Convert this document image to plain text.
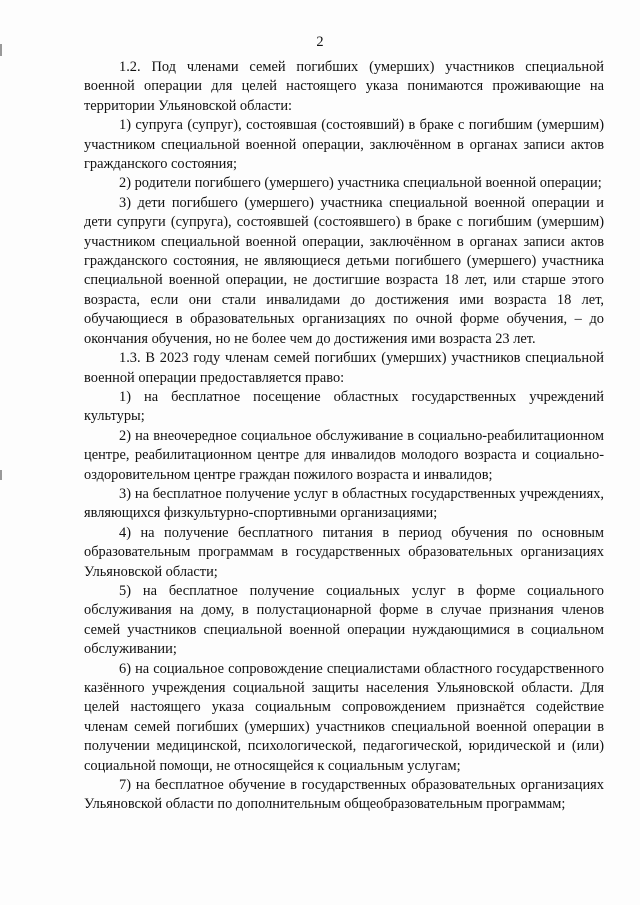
2

1.2. Под членами семей погибших (умерших) участников специальной военной операции для целей настоящего указа понимаются проживающие на территории Ульяновской области:

1) супруга (супруг), состоявшая (состоявший) в браке с погибшим (умершим) участником специальной военной операции, заключённом в органах записи актов гражданского состояния;

2) родители погибшего (умершего) участника специальной военной операции;

3) дети погибшего (умершего) участника специальной военной операции и дети супруги (супруга), состоявшей (состоявшего) в браке с погибшим (умершим) участником специальной военной операции, заключённом в органах записи актов гражданского состояния, не являющиеся детьми погибшего (умершего) участника специальной военной операции, не достигшие возраста 18 лет, или старше этого возраста, если они стали инвалидами до достижения ими возраста 18 лет, обучающиеся в образовательных организациях по очной форме обучения, – до окончания обучения, но не более чем до достижения ими возраста 23 лет.

1.3. В 2023 году членам семей погибших (умерших) участников специальной военной операции предоставляется право:

1) на бесплатное посещение областных государственных учреждений культуры;

2) на внеочередное социальное обслуживание в социально-реабилитационном центре, реабилитационном центре для инвалидов молодого возраста и социально-оздоровительном центре граждан пожилого возраста и инвалидов;

3) на бесплатное получение услуг в областных государственных учреждениях, являющихся физкультурно-спортивными организациями;

4) на получение бесплатного питания в период обучения по основным образовательным программам в государственных образовательных организациях Ульяновской области;

5) на бесплатное получение социальных услуг в форме социального обслуживания на дому, в полустационарной форме в случае признания членов семей участников специальной военной операции нуждающимися в социальном обслуживании;

6) на социальное сопровождение специалистами областного государственного казённого учреждения социальной защиты населения Ульяновской области. Для целей настоящего указа социальным сопровождением признаётся содействие членам семей погибших (умерших) участников специальной военной операции в получении медицинской, психологической, педагогической, юридической и (или) социальной помощи, не относящейся к социальным услугам;

7) на бесплатное обучение в государственных образовательных организациях Ульяновской области по дополнительным общеобразовательным программам;
